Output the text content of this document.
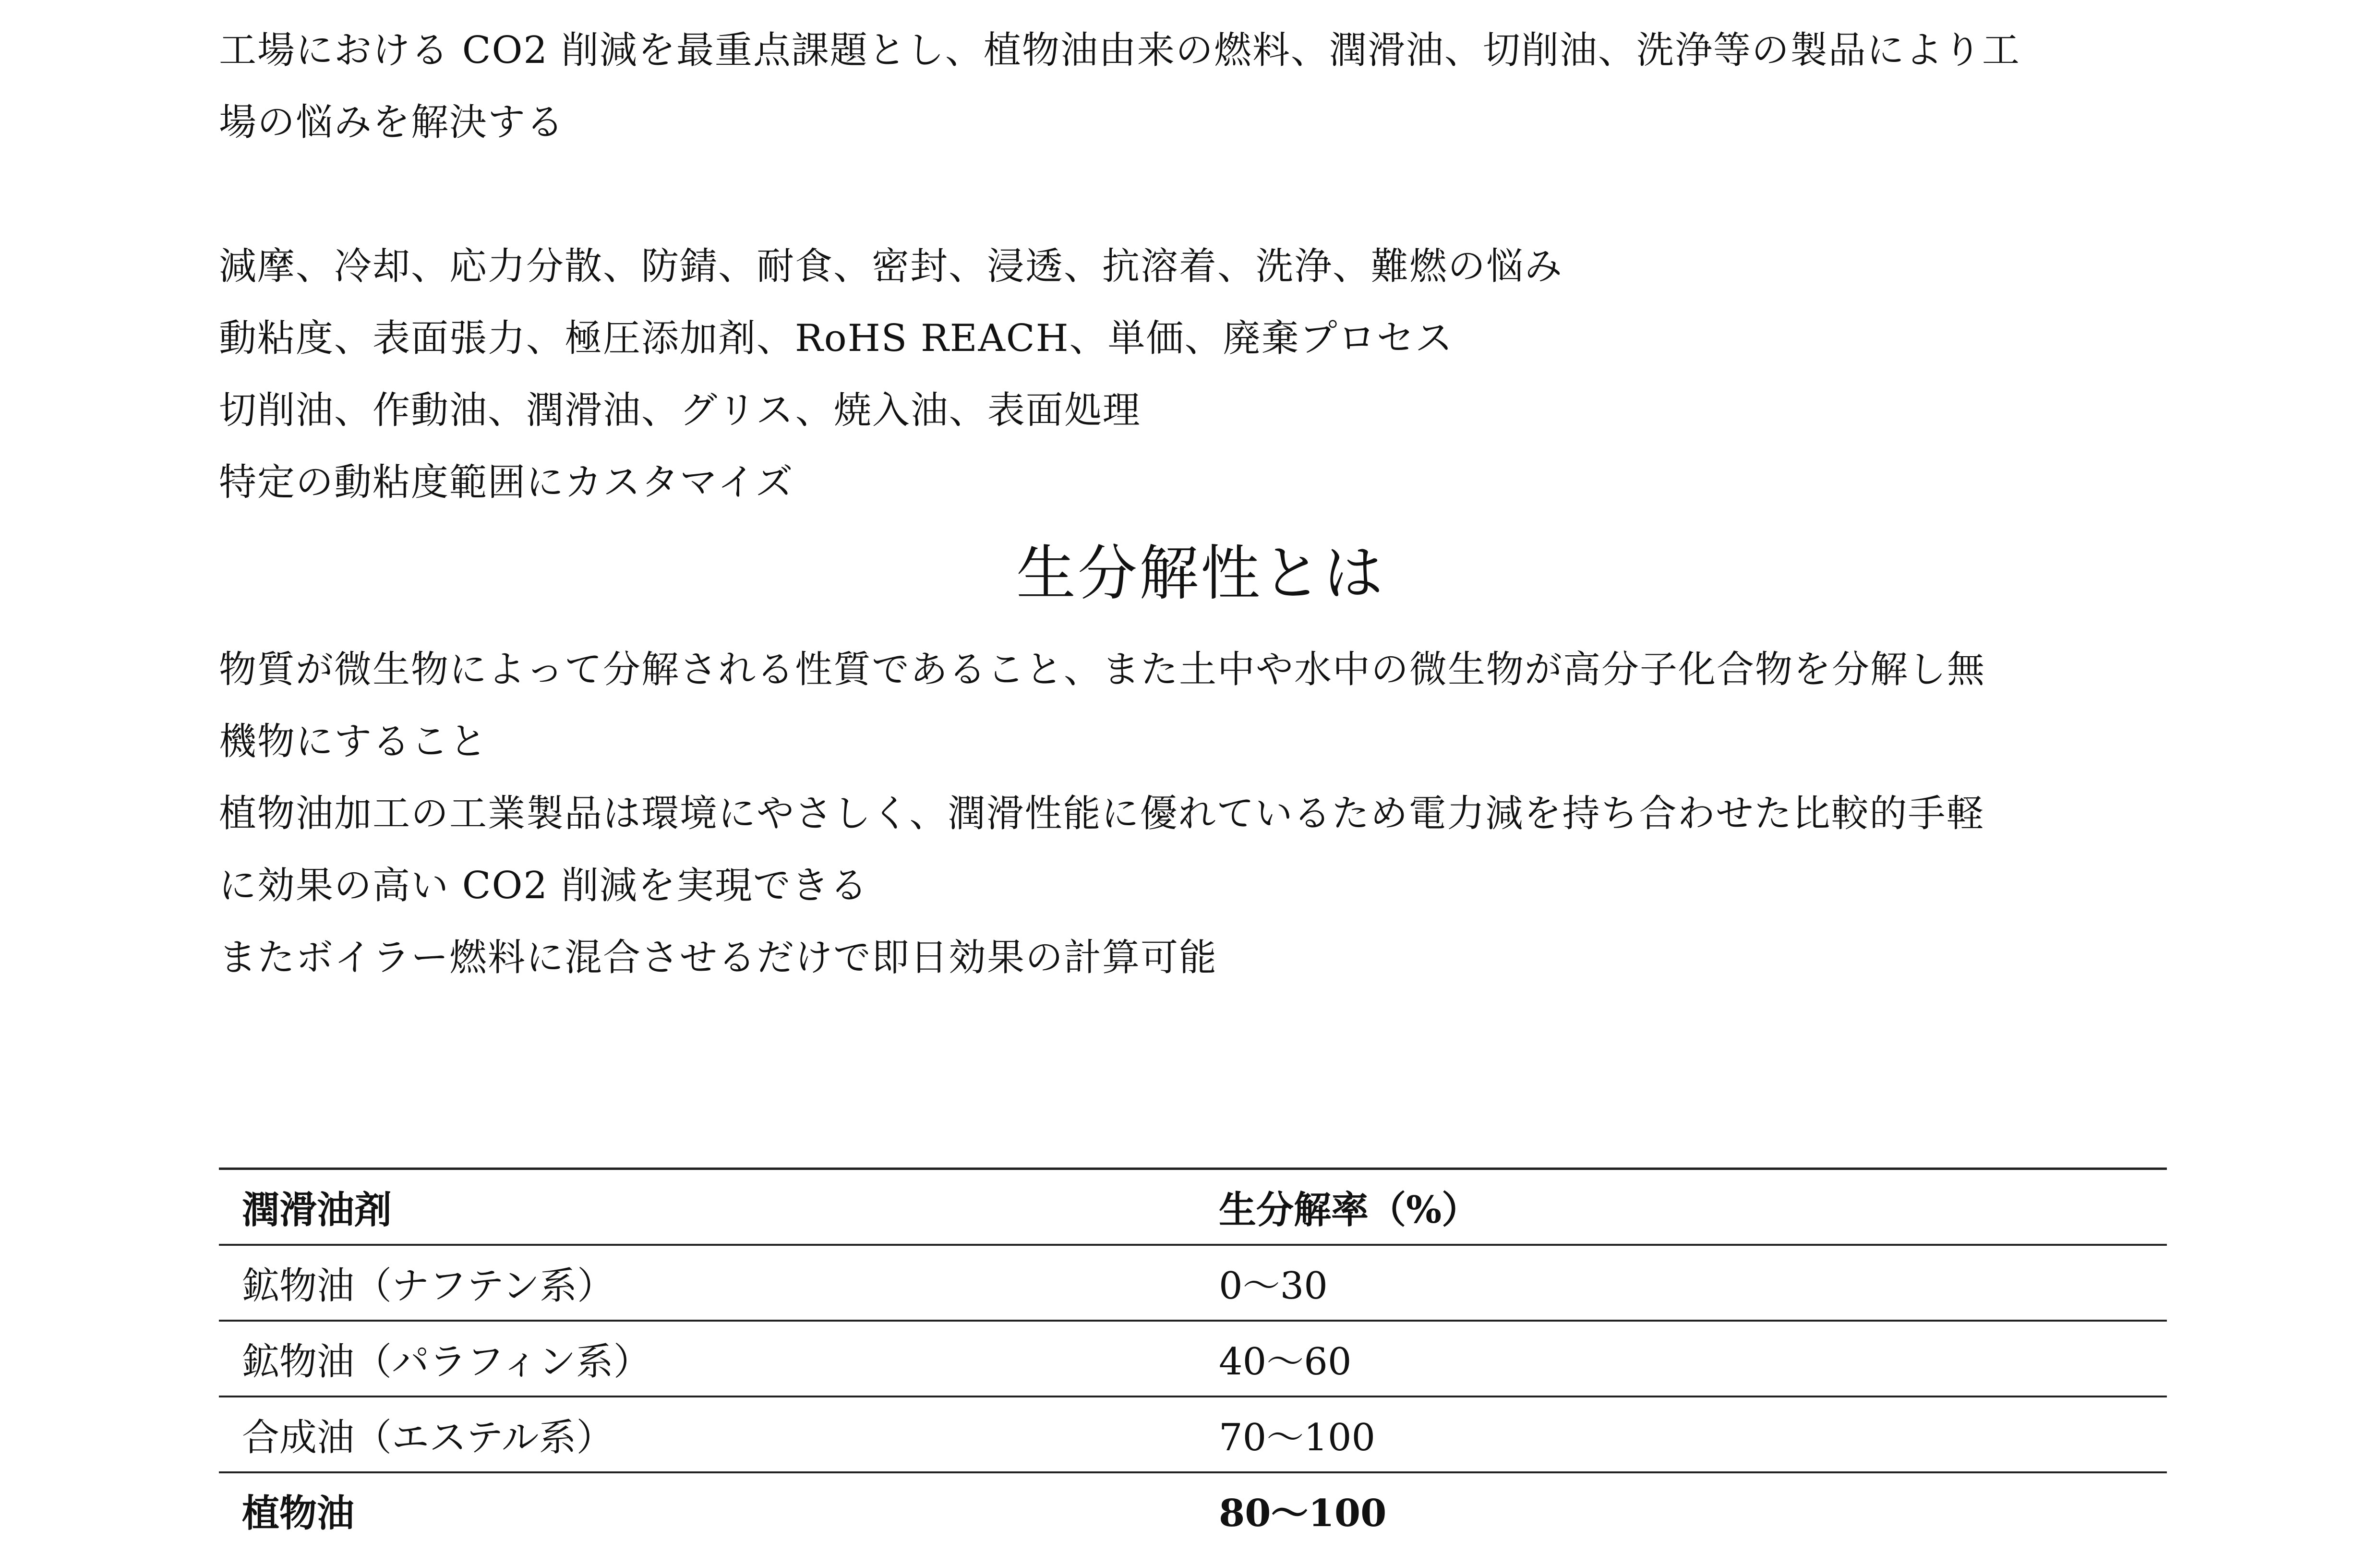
工場における CO2 削減を最重点課題とし、植物油由来の燃料、潤滑油、切削油、洗浄等の製品により工

場の悩みを解決する

減摩、冷却、応力分散、防錆、耐食、密封、浸透、抗溶着、洗浄、難燃の悩み

動粘度、表面張力、極圧添加剤、RoHS REACH、単価、廃棄プロセス

切削油、作動油、潤滑油、グリス、焼入油、表面処理

特定の動粘度範囲にカスタマイズ

生分解性とは

物質が微生物によって分解される性質であること、また土中や水中の微生物が高分子化合物を分解し無

機物にすること

植物油加工の工業製品は環境にやさしく、潤滑性能に優れているため電力減を持ち合わせた比較的手軽

に効果の高い CO2 削減を実現できる

またボイラー燃料に混合させるだけで即日効果の計算可能

潤滑油剤	生分解率（%）
鉱物油（ナフテン系）	0～30
鉱物油（パラフィン系）	40～60
合成油（エステル系）	70～100
植物油	80～100
